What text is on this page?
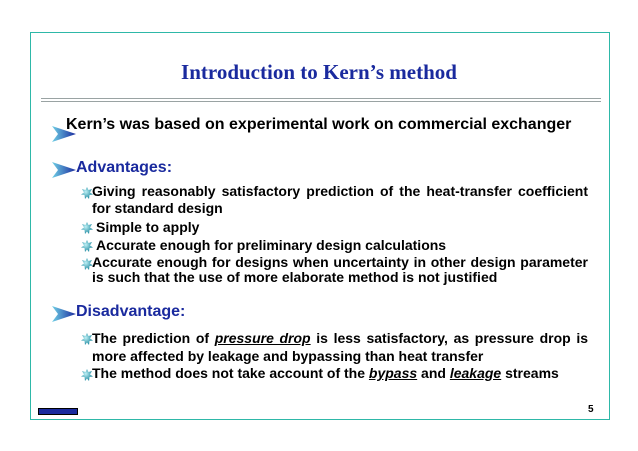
Introduction to Kern’s method
Kern’s was based on experimental work on commercial exchanger
Advantages:
Giving reasonably satisfactory prediction of the heat-transfer coefficient for standard design
Simple to apply
Accurate enough for preliminary design calculations
Accurate enough for designs when uncertainty in other design parameter is such that the use of more elaborate method is not justified
Disadvantage:
The prediction of pressure drop is less satisfactory, as pressure drop is more affected by leakage and bypassing than heat transfer
The method does not take account of the bypass and leakage streams
5
